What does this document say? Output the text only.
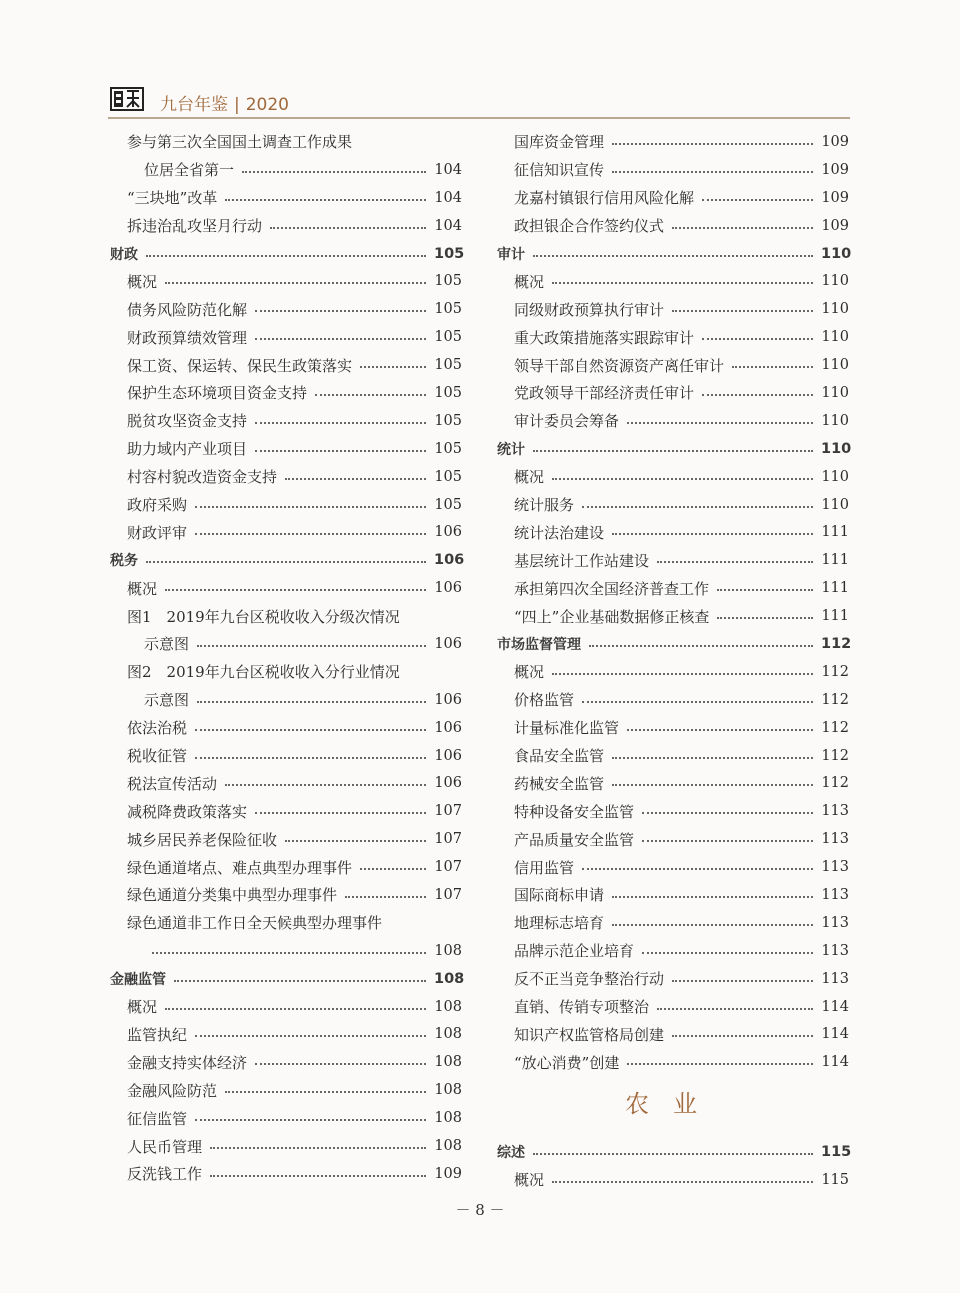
九台年鉴 | 2020
参与第三次全国国土调查工作成果
位居全省第一	104
“三块地”改革	104
拆违治乱攻坚月行动	104
财政	105
概况	105
债务风险防范化解	105
财政预算绩效管理	105
保工资、保运转、保民生政策落实	105
保护生态环境项目资金支持	105
脱贫攻坚资金支持	105
助力域内产业项目	105
村容村貌改造资金支持	105
政府采购	105
财政评审	106
税务	106
概况	106
图1　2019年九台区税收收入分级次情况
示意图	106
图2　2019年九台区税收收入分行业情况
示意图	106
依法治税	106
税收征管	106
税法宣传活动	106
减税降费政策落实	107
城乡居民养老保险征收	107
绿色通道堵点、难点典型办理事件	107
绿色通道分类集中典型办理事件	107
绿色通道非工作日全天候典型办理事件
108
金融监管	108
概况	108
监管执纪	108
金融支持实体经济	108
金融风险防范	108
征信监管	108
人民币管理	108
反洗钱工作	109
国库资金管理	109
征信知识宣传	109
龙嘉村镇银行信用风险化解	109
政担银企合作签约仪式	109
审计	110
概况	110
同级财政预算执行审计	110
重大政策措施落实跟踪审计	110
领导干部自然资源资产离任审计	110
党政领导干部经济责任审计	110
审计委员会筹备	110
统计	110
概况	110
统计服务	110
统计法治建设	111
基层统计工作站建设	111
承担第四次全国经济普查工作	111
“四上”企业基础数据修正核查	111
市场监督管理	112
概况	112
价格监管	112
计量标准化监管	112
食品安全监管	112
药械安全监管	112
特种设备安全监管	113
产品质量安全监管	113
信用监管	113
国际商标申请	113
地理标志培育	113
品牌示范企业培育	113
反不正当竞争整治行动	113
直销、传销专项整治	114
知识产权监管格局创建	114
“放心消费”创建	114
农业
综述	115
概况	115
－ 8 －
